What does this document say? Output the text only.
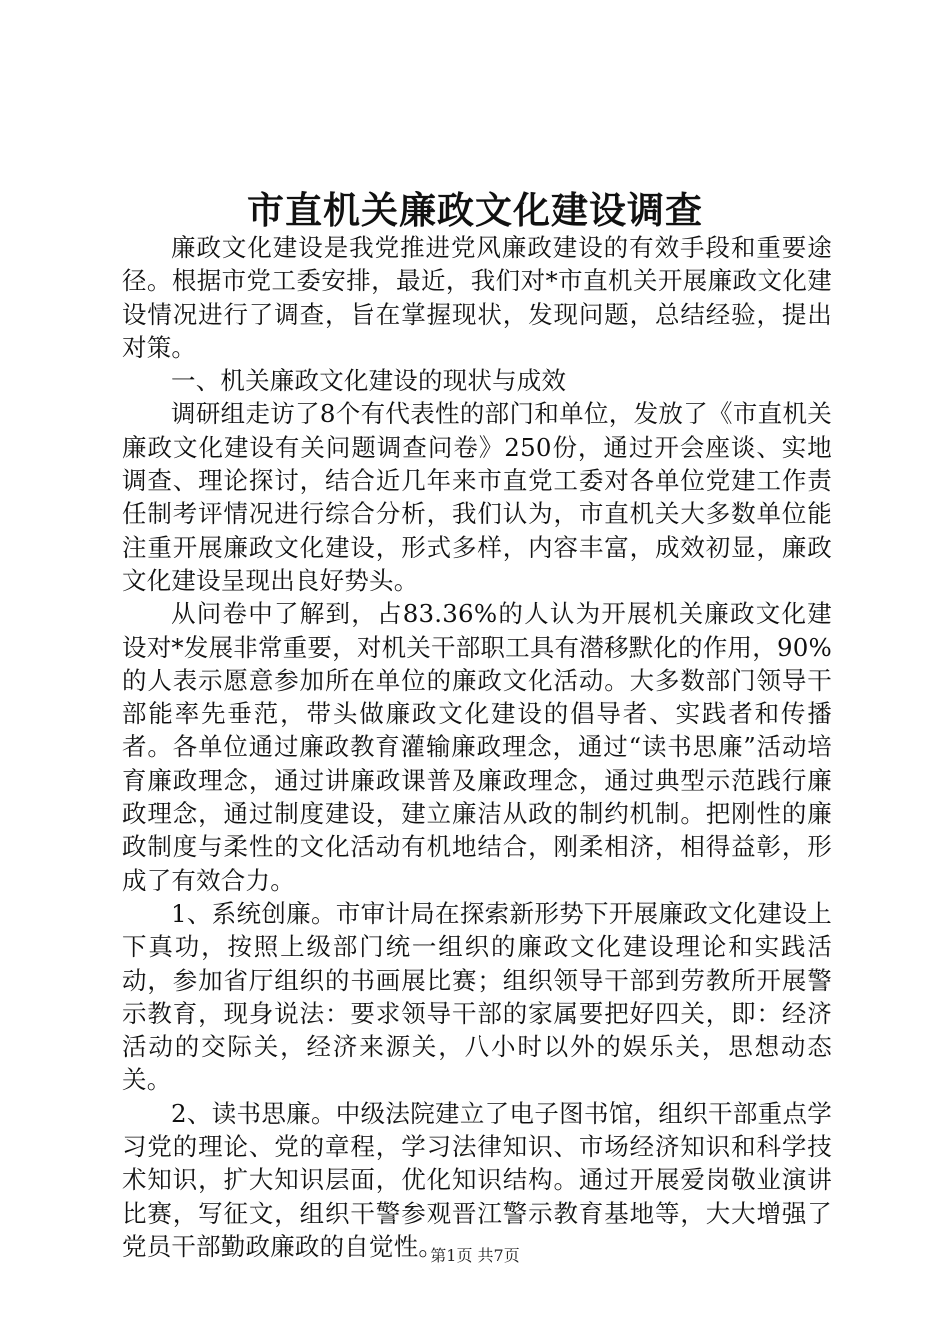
市直机关廉政文化建设调查

廉政文化建设是我党推进党风廉政建设的有效手段和重要途径。根据市党工委安排，最近，我们对*市直机关开展廉政文化建设情况进行了调查，旨在掌握现状，发现问题，总结经验，提出对策。

一、机关廉政文化建设的现状与成效

调研组走访了8个有代表性的部门和单位，发放了《市直机关廉政文化建设有关问题调查问卷》250份，通过开会座谈、实地调查、理论探讨，结合近几年来市直党工委对各单位党建工作责任制考评情况进行综合分析，我们认为，市直机关大多数单位能注重开展廉政文化建设，形式多样，内容丰富，成效初显，廉政文化建设呈现出良好势头。

从问卷中了解到，占83.36%的人认为开展机关廉政文化建设对*发展非常重要，对机关干部职工具有潜移默化的作用，90%的人表示愿意参加所在单位的廉政文化活动。大多数部门领导干部能率先垂范，带头做廉政文化建设的倡导者、实践者和传播者。各单位通过廉政教育灌输廉政理念，通过“读书思廉”活动培育廉政理念，通过讲廉政课普及廉政理念，通过典型示范践行廉政理念，通过制度建设，建立廉洁从政的制约机制。把刚性的廉政制度与柔性的文化活动有机地结合，刚柔相济，相得益彰，形成了有效合力。

1、系统创廉。市审计局在探索新形势下开展廉政文化建设上下真功，按照上级部门统一组织的廉政文化建设理论和实践活动，参加省厅组织的书画展比赛；组织领导干部到劳教所开展警示教育，现身说法：要求领导干部的家属要把好四关，即：经济活动的交际关，经济来源关，八小时以外的娱乐关，思想动态关。

2、读书思廉。中级法院建立了电子图书馆，组织干部重点学习党的理论、党的章程，学习法律知识、市场经济知识和科学技术知识，扩大知识层面，优化知识结构。通过开展爱岗敬业演讲比赛，写征文，组织干警参观晋江警示教育基地等，大大增强了党员干部勤政廉政的自觉性。

第1页 共7页
